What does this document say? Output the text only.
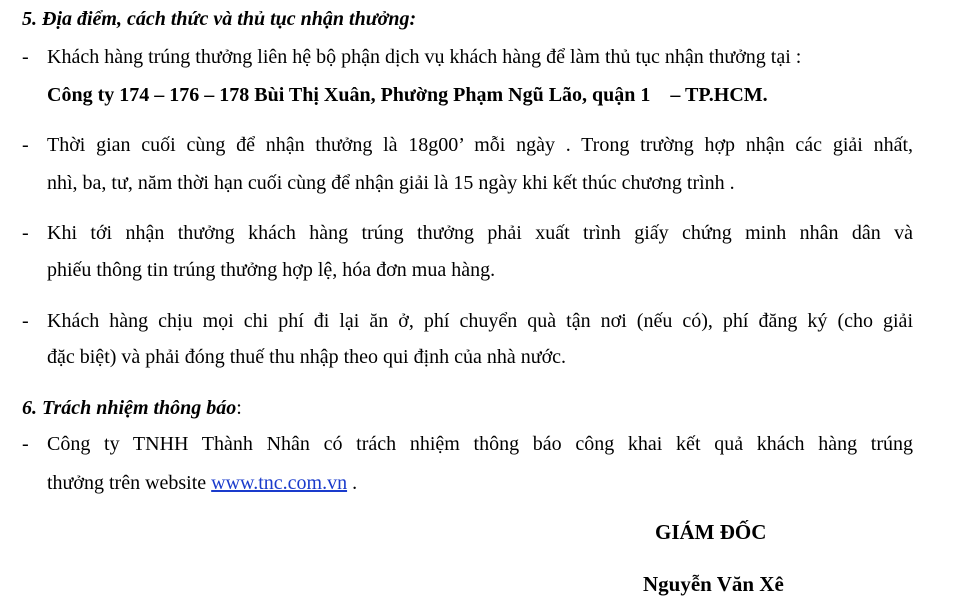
5. Địa điểm, cách thức và thủ tục nhận thưởng:
- Khách hàng trúng thưởng liên hệ bộ phận dịch vụ khách hàng để làm thủ tục nhận thưởng tại :
Công ty 174 – 176 – 178 Bùi Thị Xuân, Phường Phạm Ngũ Lão, quận 1 – TP.HCM.
- Thời gian cuối cùng để nhận thưởng là 18g00’ mỗi ngày . Trong trường hợp nhận các giải nhất,
nhì, ba, tư, năm thời hạn cuối cùng để nhận giải là 15 ngày khi kết thúc chương trình .
- Khi tới nhận thưởng khách hàng trúng thưởng phải xuất trình giấy chứng minh nhân dân và
phiếu thông tin trúng thưởng hợp lệ, hóa đơn mua hàng.
- Khách hàng chịu mọi chi phí đi lại ăn ở, phí chuyển quà tận nơi (nếu có), phí đăng ký (cho giải
đặc biệt) và phải đóng thuế thu nhập theo qui định của nhà nước.
6. Trách nhiệm thông báo:
- Công ty TNHH Thành Nhân có trách nhiệm thông báo công khai kết quả khách hàng trúng
thưởng trên website www.tnc.com.vn .
GIÁM ĐỐC
Nguyễn Văn Xê
